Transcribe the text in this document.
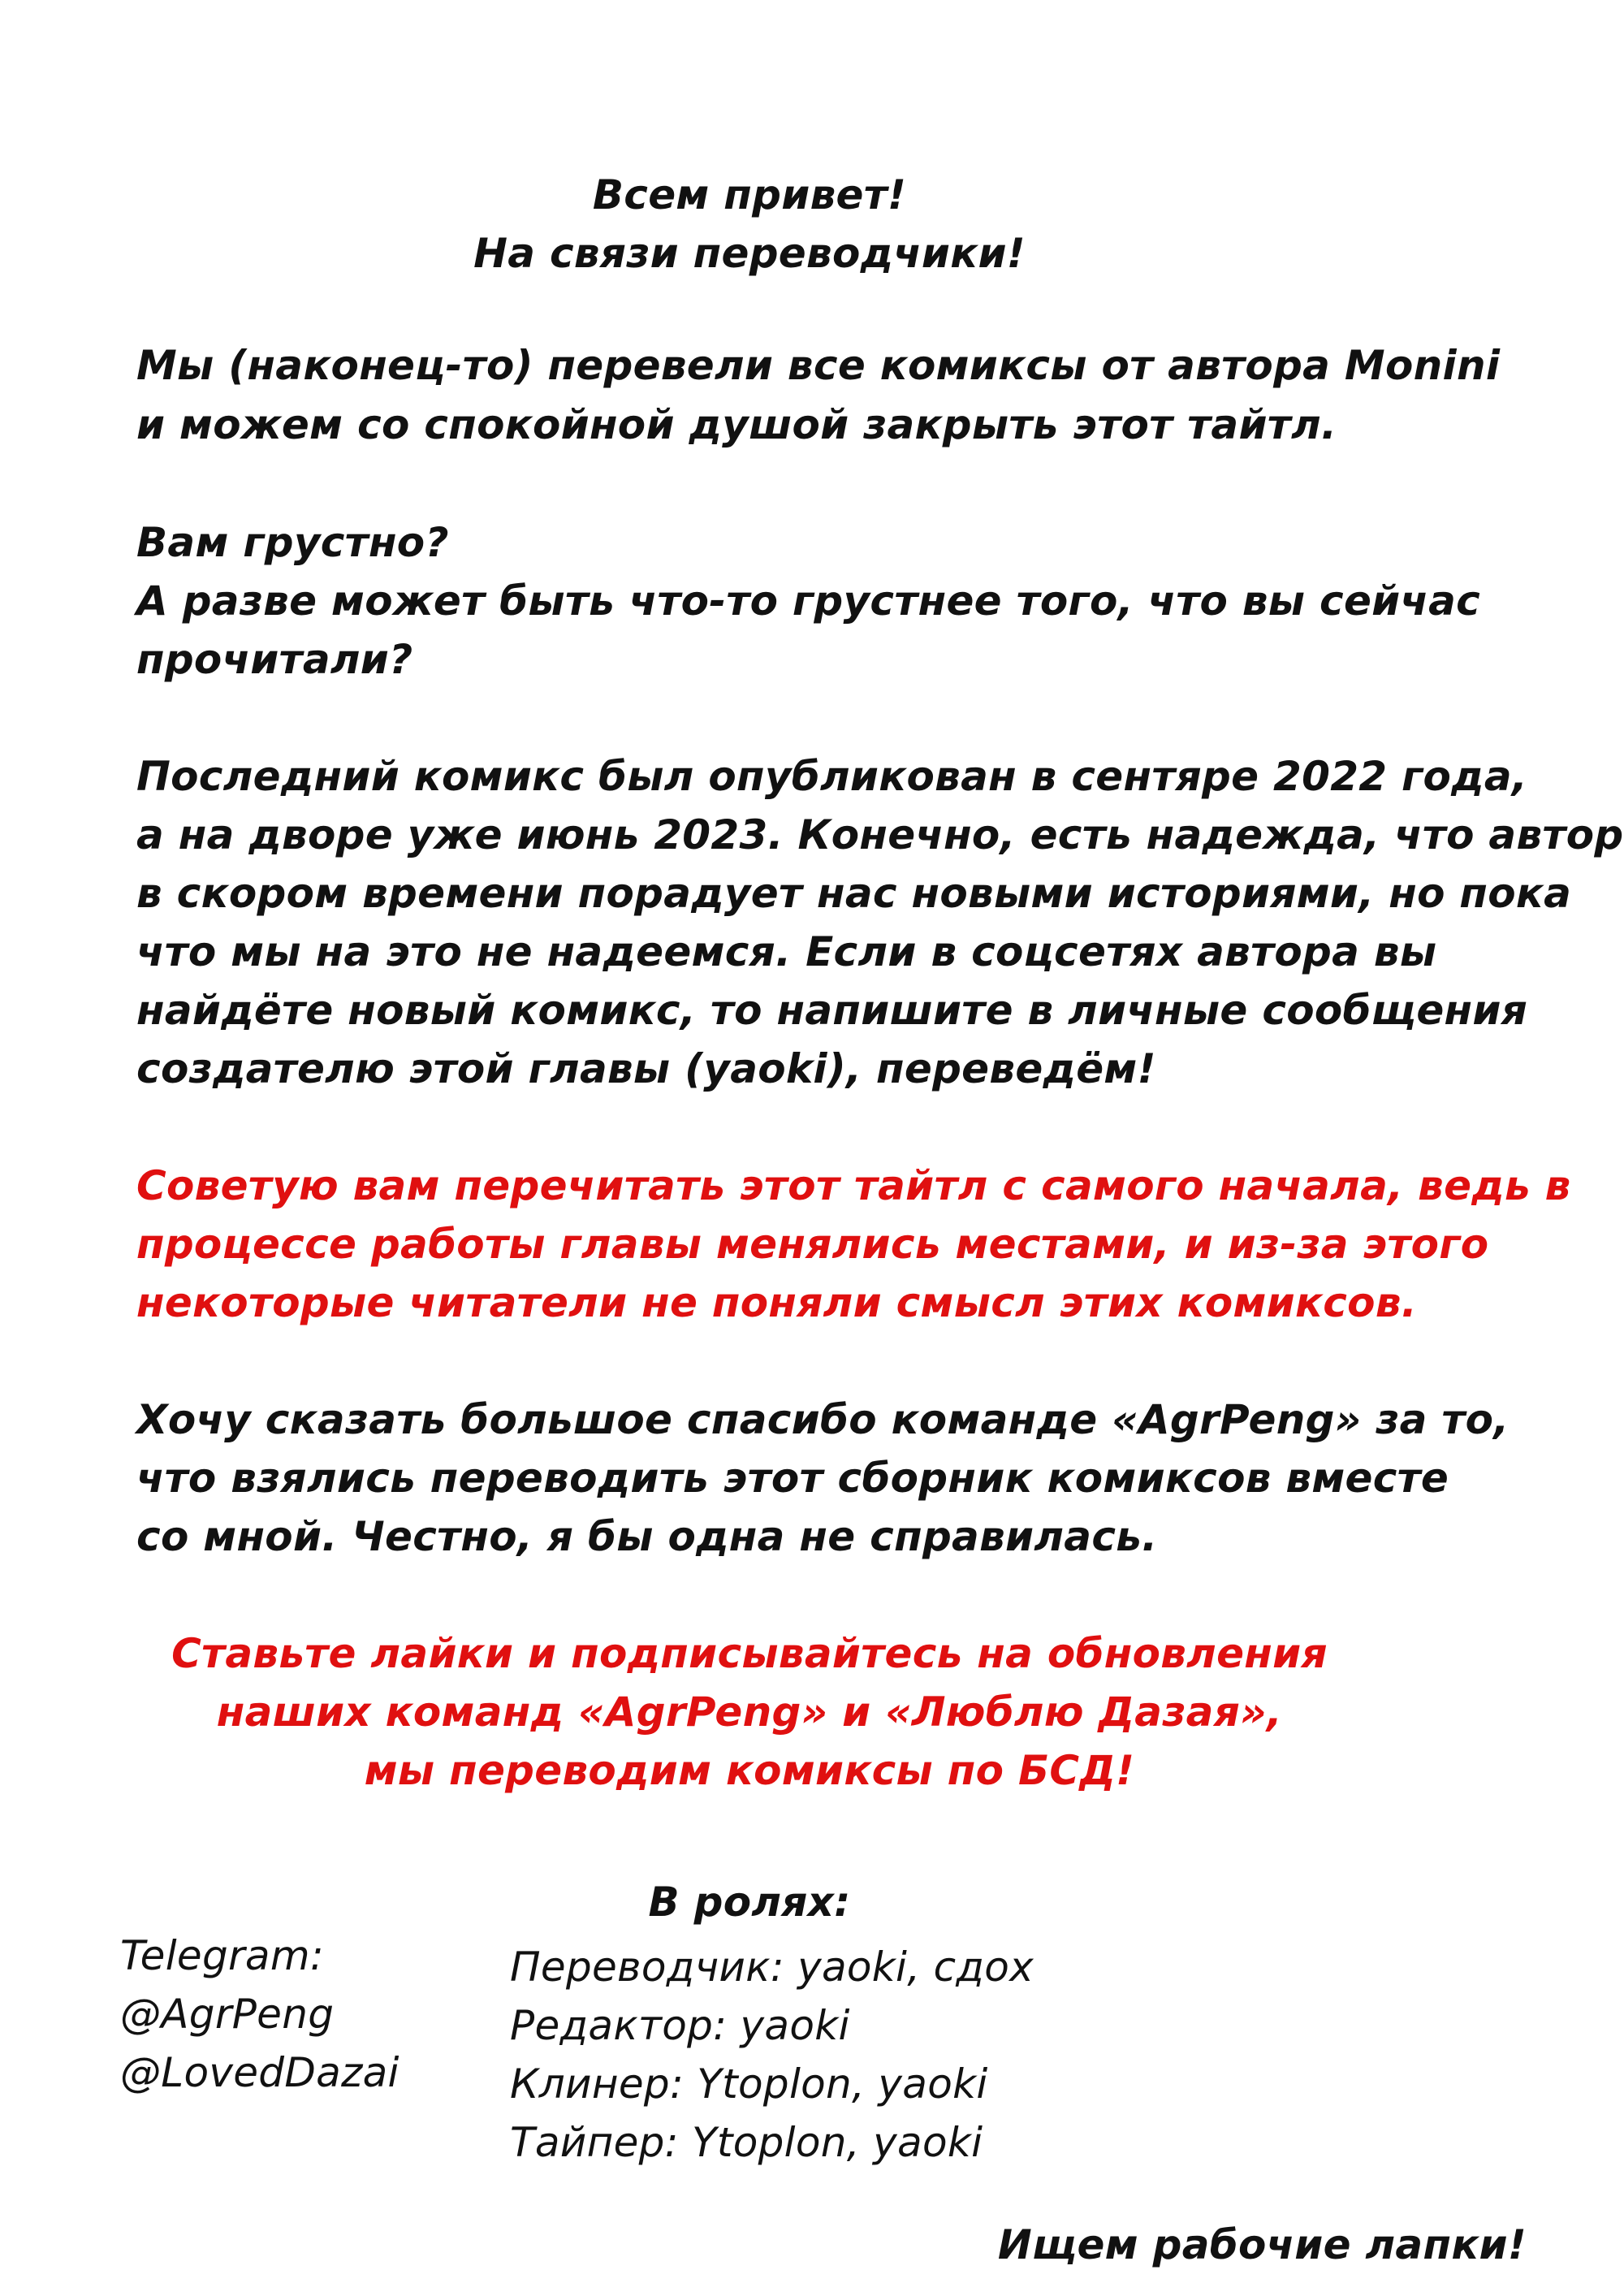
Всем привет!
На связи переводчики!
Мы (наконец-то) перевели все комиксы от автора Monini
и можем со спокойной душой закрыть этот тайтл.
Вам грустно?
А разве может быть что-то грустнее того, что вы сейчас
прочитали?
Последний комикс был опубликован в сентяре 2022 года,
а на дворе уже июнь 2023. Конечно, есть надежда, что автор
в скором времени порадует нас новыми историями, но пока
что мы на это не надеемся. Если в соцсетях автора вы
найдёте новый комикс, то напишите в личные сообщения
создателю этой главы (yaoki), переведём!
Советую вам перечитать этот тайтл с самого начала, ведь в
процессе работы главы менялись местами, и из-за этого
некоторые читатели не поняли смысл этих комиксов.
Хочу сказать большое спасибо команде «AgrPeng» за то,
что взялись переводить этот сборник комиксов вместе
со мной. Честно, я бы одна не справилась.
Ставьте лайки и подписывайтесь на обновления
наших команд «AgrPeng» и «Люблю Дазая»,
мы переводим комиксы по БСД!
В ролях:
Telegram:
@AgrPeng
@LovedDazai
Переводчик: yaoki, сдох
Редактор: yaoki
Клинер: Ytoplon, yaoki
Тайпер: Ytoplon, yaoki
Ищем рабочие лапки!
